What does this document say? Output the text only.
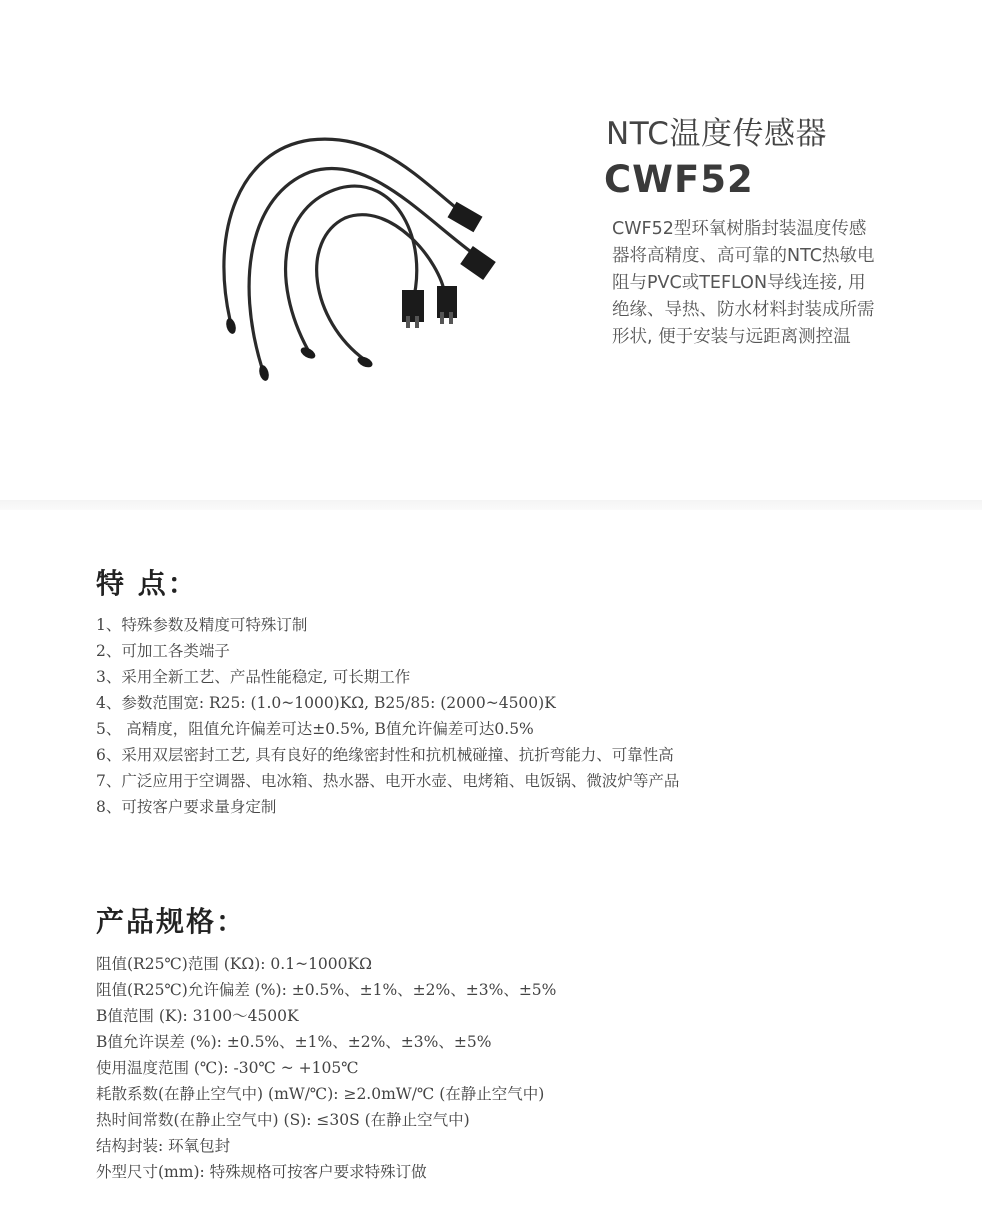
NTC温度传感器
CWF52
CWF52型环氧树脂封装温度传感器将高精度、高可靠的NTC热敏电阻与PVC或TEFLON导线连接, 用绝缘、导热、防水材料封装成所需形状, 便于安装与远距离测控温
特 点：
1、特殊参数及精度可特殊订制
2、可加工各类端子
3、采用全新工艺、产品性能稳定, 可长期工作
4、参数范围宽: R25: (1.0~1000)KΩ, B25/85: (2000~4500)K
5、 高精度，阻值允许偏差可达±0.5%, B值允许偏差可达0.5%
6、采用双层密封工艺, 具有良好的绝缘密封性和抗机械碰撞、抗折弯能力、可靠性高
7、广泛应用于空调器、电冰箱、热水器、电开水壶、电烤箱、电饭锅、微波炉等产品
8、可按客户要求量身定制
产品规格：
阻值(R25℃)范围 (KΩ): 0.1~1000KΩ
阻值(R25℃)允许偏差 (%): ±0.5%、±1%、±2%、±3%、±5%
B值范围 (K): 3100～4500K
B值允许误差 (%): ±0.5%、±1%、±2%、±3%、±5%
使用温度范围 (℃): -30℃ ~ +105℃
耗散系数(在静止空气中) (mW/℃): ≥2.0mW/℃ (在静止空气中)
热时间常数(在静止空气中) (S): ≤30S (在静止空气中)
结构封装: 环氧包封
外型尺寸(mm): 特殊规格可按客户要求特殊订做
